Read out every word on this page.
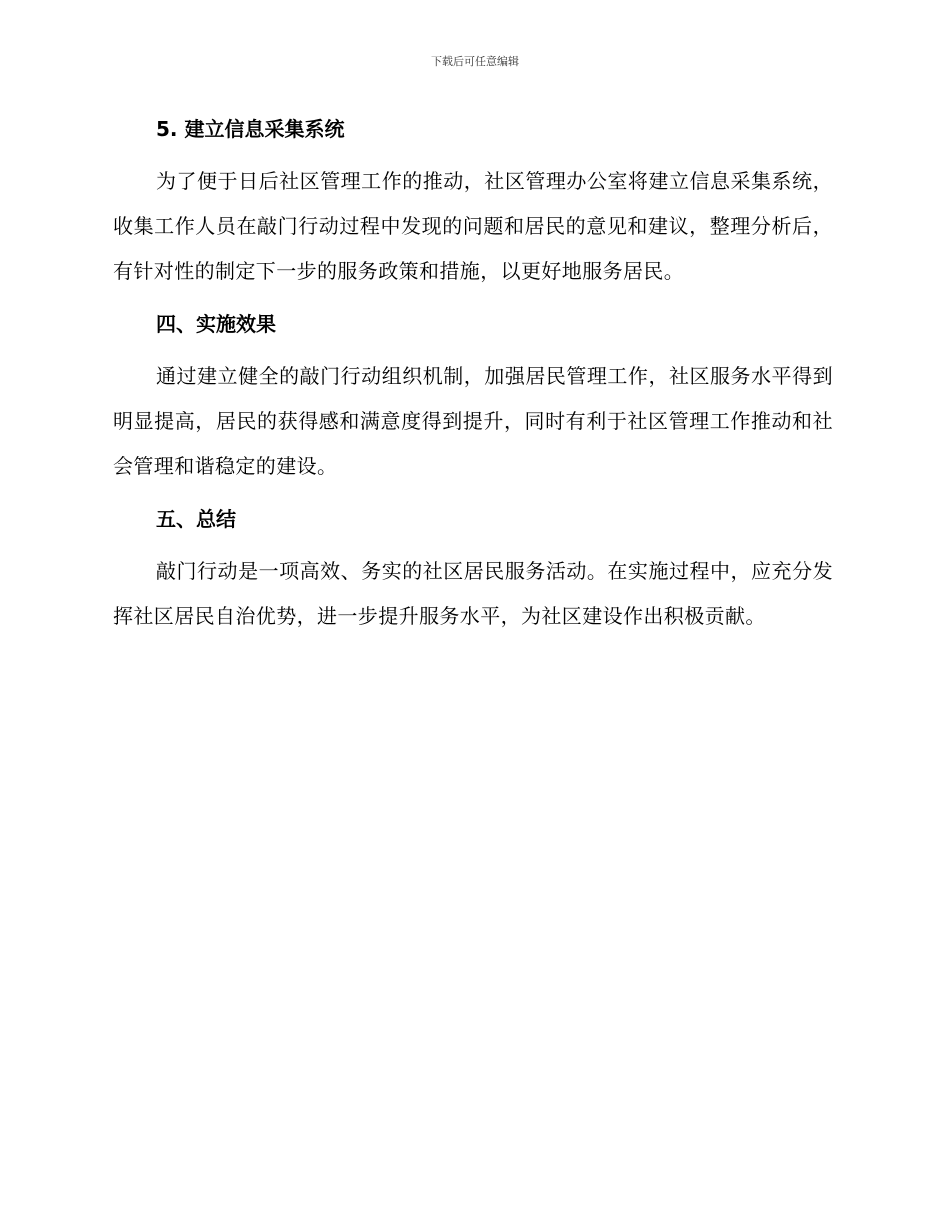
下载后可任意编辑
5. 建立信息采集系统

为了便于日后社区管理工作的推动，社区管理办公室将建立信息采集系统，收集工作人员在敲门行动过程中发现的问题和居民的意见和建议，整理分析后，有针对性的制定下一步的服务政策和措施，以更好地服务居民。

四、实施效果

通过建立健全的敲门行动组织机制，加强居民管理工作，社区服务水平得到明显提高，居民的获得感和满意度得到提升，同时有利于社区管理工作推动和社会管理和谐稳定的建设。

五、总结

敲门行动是一项高效、务实的社区居民服务活动。在实施过程中，应充分发挥社区居民自治优势，进一步提升服务水平，为社区建设作出积极贡献。
